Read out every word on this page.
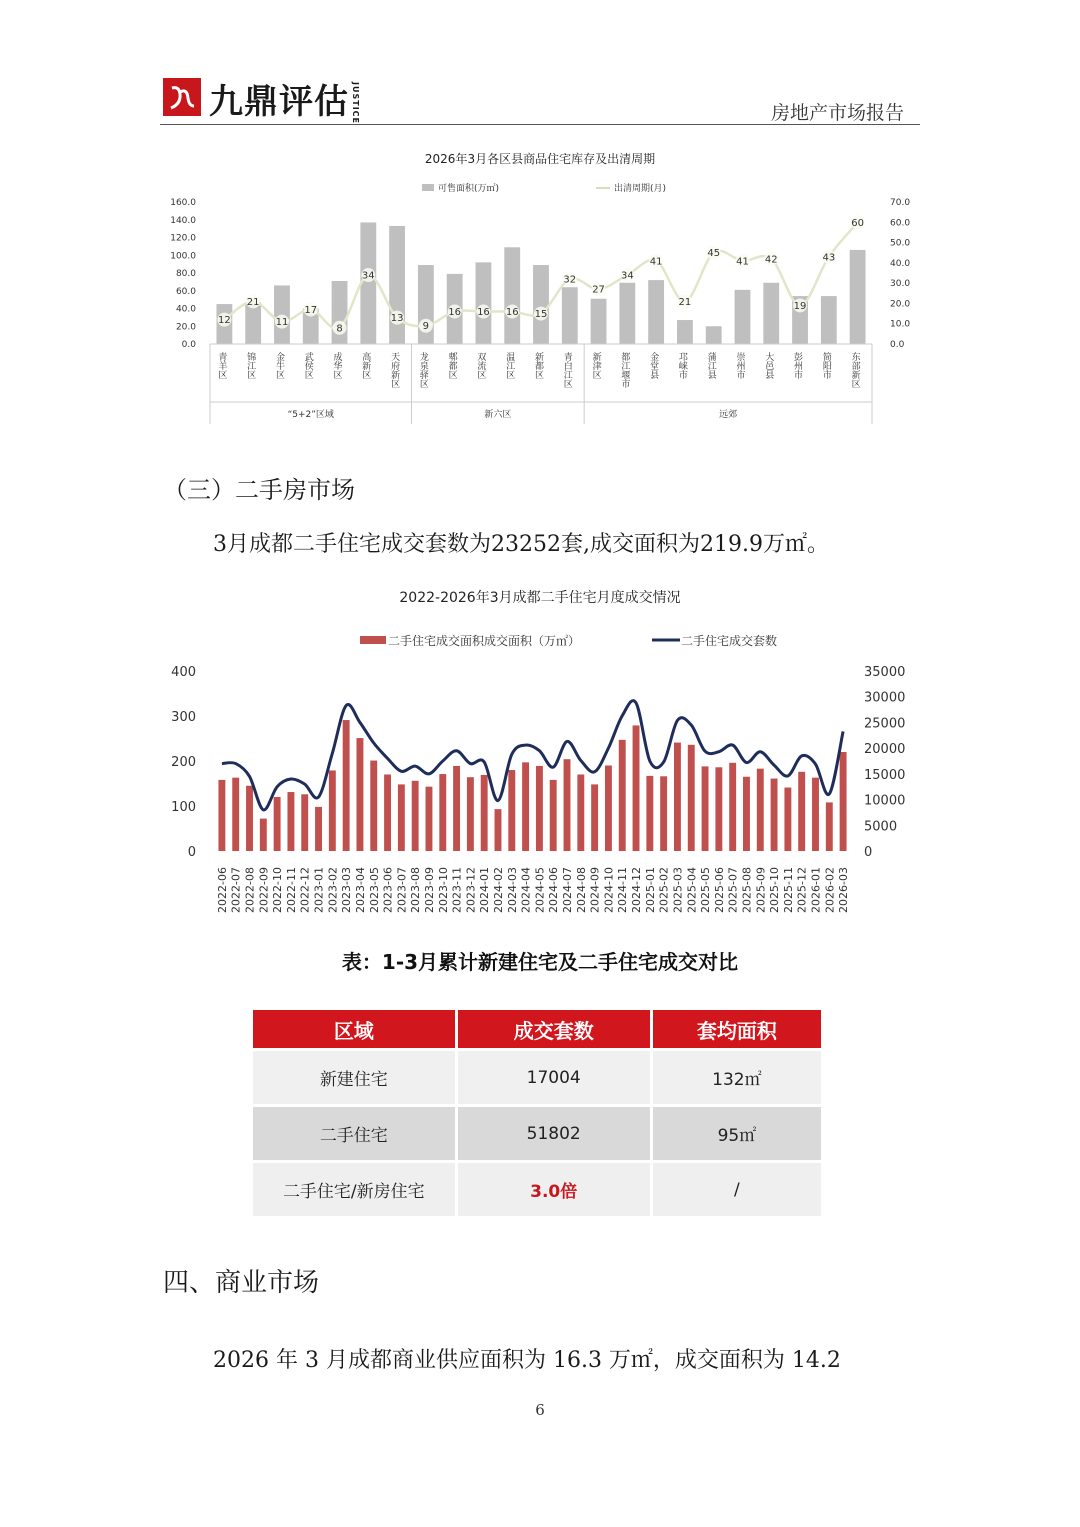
九鼎评估 JUSTICE	房地产市场报告
2026年3月各区县商品住宅库存及出清周期
可售面积(万㎡)	出清周期(月)
160.0
140.0
120.0
100.0
80.0
60.0
40.0
20.0
0.0
70.0
60.0
50.0
40.0
30.0
20.0
10.0
0.0
12
21
11
17
8
34
13
9
16 16 16 15
32
27
34
41
21
45
41 42
19
43
60
青羊区 锦江区 金牛区 武侯区 成华区 高新区 天府新区 龙泉驿区 郫都区 双流区 温江区 新都区 青白江区 新津区 都江堰市 金堂县 邛崃市 蒲江县 崇州市 大邑县 彭州市 简阳市 东部新区
“5+2”区域	新六区	远郊
（三）二手房市场
3月成都二手住宅成交套数为23252套,成交面积为219.9万㎡。
2022-2026年3月成都二手住宅月度成交情况
二手住宅成交面积成交面积（万㎡）	二手住宅成交套数
400
300
200
100
0
35000
30000
25000
20000
15000
10000
5000
0
2022-06 2022-07 2022-08 2022-09 2022-10 2022-11 2022-12 2023-01 2023-02 2023-03 2023-04 2023-05 2023-06 2023-07 2023-08 2023-09 2023-10 2023-11 2023-12 2024-01 2024-02 2024-03 2024-04 2024-05 2024-06 2024-07 2024-08 2024-09 2024-10 2024-11 2024-12 2025-01 2025-02 2025-03 2025-04 2025-05 2025-06 2025-07 2025-08 2025-09 2025-10 2025-11 2025-12 2026-01 2026-02 2026-03
表：1-3月累计新建住宅及二手住宅成交对比
区域	成交套数	套均面积
新建住宅	17004	132㎡
二手住宅	51802	95㎡
二手住宅/新房住宅	3.0倍	/
四、商业市场
2026 年 3 月成都商业供应面积为 16.3 万㎡，成交面积为 14.2
6
